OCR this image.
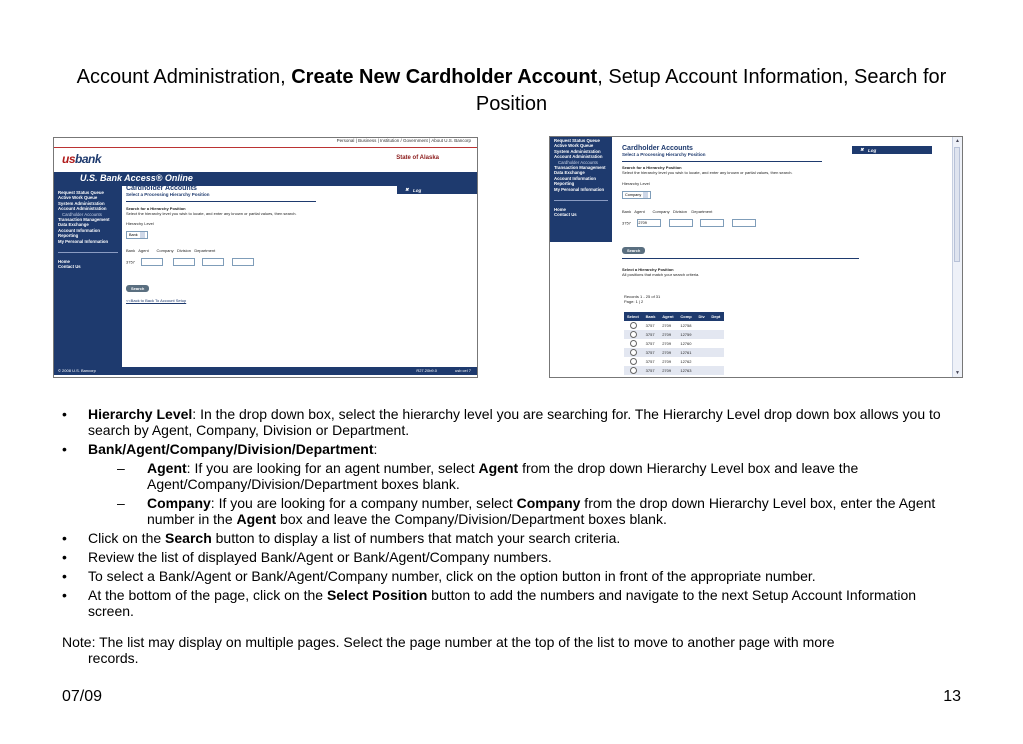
Account Administration, Create New Cardholder Account, Setup Account Information, Search for Position
Personal | Business | Institution / Government | About U.S. Bancorp
usbank	State of Alaska
U.S. Bank Access® Online
Request Status Queue
Active Work Queue
System Administration
Account Administration
Cardholder Accounts
Transaction Management
Data Exchange
Account Information
Reporting
My Personal Information
Home
Contact Us
✖ Log Out
Cardholder Accounts
Select a Processing Hierarchy Position
Search for a Hierarchy Position
Select the hierarchy level you wish to locate, and enter any known or partial values, then search.
Hierarchy Level
Bank
Bank Agent Company Division Department
3757
Search
<<Back to Back To Account Setup
© 2008 U.S. Bancorp	R27.20b9.0	usb cel 7
Request Status Queue
Active Work Queue
System Administration
Account Administration
Cardholder Accounts
Transaction Management
Data Exchange
Account Information
Reporting
My Personal Information
Home
Contact Us
✖ Log Out
Cardholder Accounts
Select a Processing Hierarchy Position
Search for a Hierarchy Position
Select the hierarchy level you wish to locate, and enter any known or partial values, then search.
Hierarchy Level
Company
Bank Agent Company Division Department
3757 2709
Search
Select a Hierarchy Position
All positions that match your search criteria.
Records 1 - 25 of 31
Page: 1 | 2
Select	Bank	Agent	Comp	Div	Dept
	3757	2709	12758		
	3757	2709	12759		
	3757	2709	12760		
	3757	2709	12761		
	3757	2709	12762		
	3757	2709	12763		
▲
▼
• Hierarchy Level: In the drop down box, select the hierarchy level you are searching for. The Hierarchy Level drop down box allows you to search by Agent, Company, Division or Department.
• Bank/Agent/Company/Division/Department:
– Agent: If you are looking for an agent number, select Agent from the drop down Hierarchy Level box and leave the Agent/Company/Division/Department boxes blank.
– Company: If you are looking for a company number, select Company from the drop down Hierarchy Level box, enter the Agent number in the Agent box and leave the Company/Division/Department boxes blank.
• Click on the Search button to display a list of numbers that match your search criteria.
• Review the list of displayed Bank/Agent or Bank/Agent/Company numbers.
• To select a Bank/Agent or Bank/Agent/Company number, click on the option button in front of the appropriate number.
• At the bottom of the page, click on the Select Position button to add the numbers and navigate to the next Setup Account Information screen.
Note: The list may display on multiple pages. Select the page number at the top of the list to move to another page with more
records.
07/09	13
